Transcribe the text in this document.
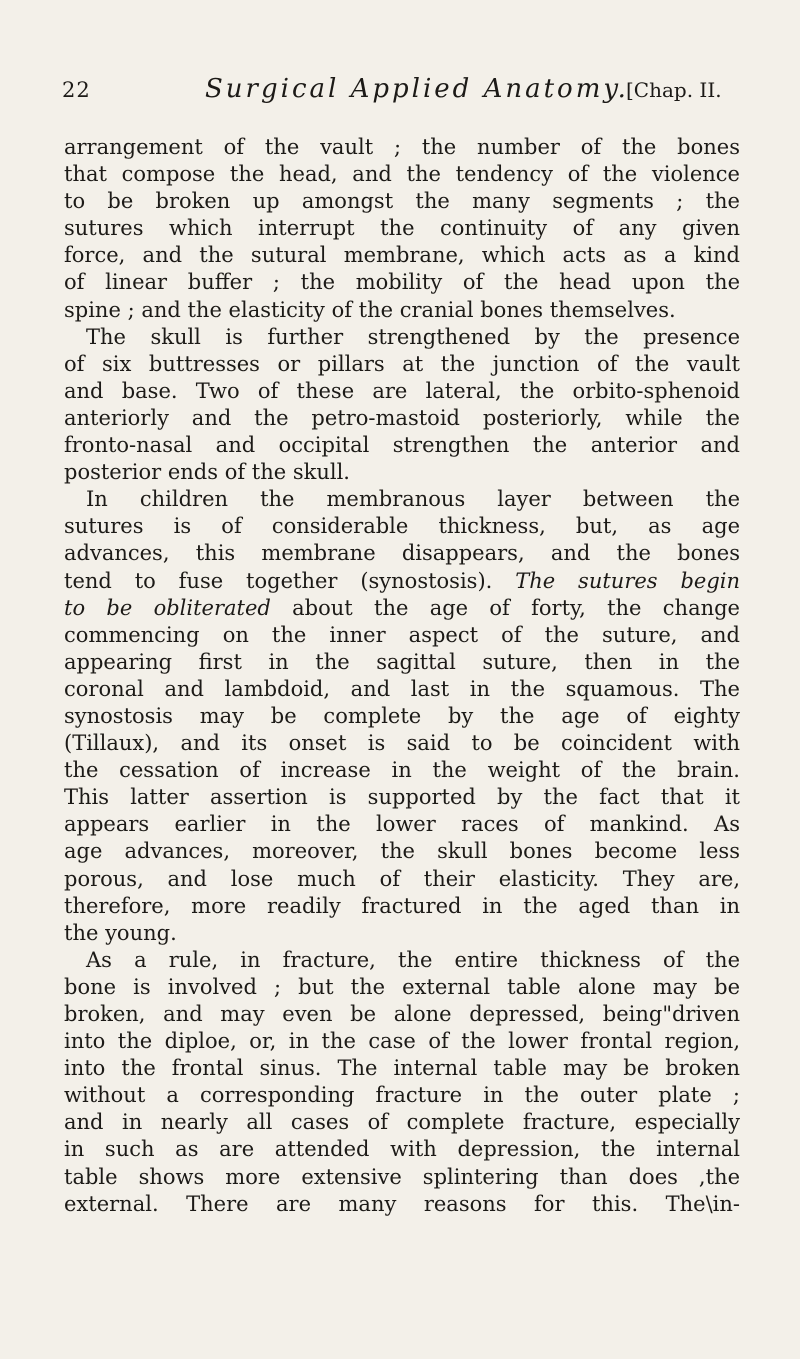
22	Surgical Applied Anatomy.
[Chap. II.
arrangement of the vault ; the number of the bones
that compose the head, and the tendency of the violence
to be broken up amongst the many segments ; the
sutures which interrupt the continuity of any given
force, and the sutural membrane, which acts as a kind
of linear buffer ; the mobility of the head upon the
spine ; and the elasticity of the cranial bones themselves.
The skull is further strengthened by the presence
of six buttresses or pillars at the junction of the vault
and base. Two of these are lateral, the orbito-sphenoid
anteriorly and the petro-mastoid posteriorly, while the
fronto-nasal and occipital strengthen the anterior and
posterior ends of the skull.
In children the membranous layer between the
sutures is of considerable thickness, but, as age
advances, this membrane disappears, and the bones
tend to fuse together (synostosis). The sutures begin
to be obliterated about the age of forty, the change
commencing on the inner aspect of the suture, and
appearing first in the sagittal suture, then in the
coronal and lambdoid, and last in the squamous. The
synostosis may be complete by the age of eighty
(Tillaux), and its onset is said to be coincident with
the cessation of increase in the weight of the brain.
This latter assertion is supported by the fact that it
appears earlier in the lower races of mankind. As
age advances, moreover, the skull bones become less
porous, and lose much of their elasticity. They are,
therefore, more readily fractured in the aged than in
the young.
As a rule, in fracture, the entire thickness of the
bone is involved ; but the external table alone may be
broken, and may even be alone depressed, being"driven
into the diploe, or, in the case of the lower frontal region,
into the frontal sinus. The internal table may be broken
without a corresponding fracture in the outer plate ;
and in nearly all cases of complete fracture, especially
in such as are attended with depression, the internal
table shows more extensive splintering than does ,the
external. There are many reasons for this. The\in-
